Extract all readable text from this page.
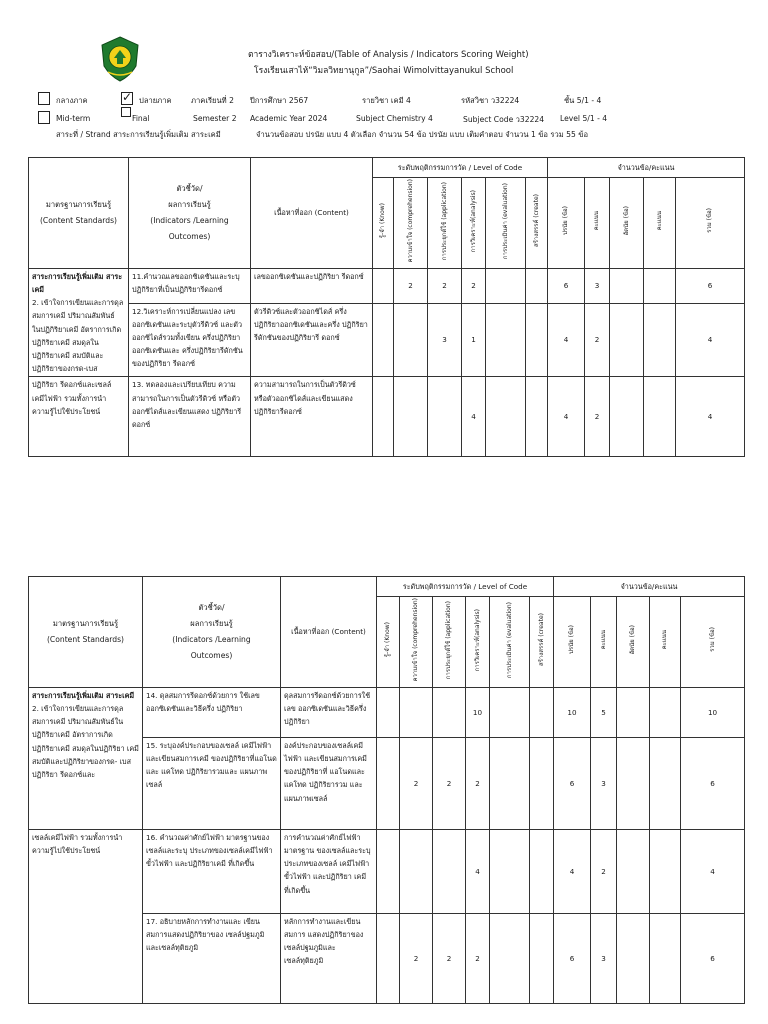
ตารางวิเคราะห์ข้อสอบ/(Table of Analysis / Indicators Scoring Weight)
โรงเรียนเสาไห้“วิมลวิทยานุกูล”/Saohai Wimolvittayanukul School
กลางภาค ✓	ปลายภาค	ภาคเรียนที่ 2 ปีการศึกษา 2567	รายวิชา เคมี 4	รหัสวิชา ว32224	ชั้น 5/1 - 4
Mid-term	Final	Semester 2 Academic Year 2024	Subject Chemistry 4	Subject Code ว32224 Level 5/1 - 4
สาระที่ / Strand สาระการเรียนรู้เพิ่มเติม สาระเคมี	จำนวนข้อสอบ ปรนัย แบบ 4 ตัวเลือก จำนวน 54 ข้อ ปรนัย แบบ เติมคำตอบ จำนวน 1 ข้อ รวม 55 ข้อ
มาตรฐานการเรียนรู้
(Content Standards)	ตัวชี้วัด/
ผลการเรียนรู้
(Indicators /Learning
Outcomes)	เนื้อหาที่ออก (Content)	ระดับพฤติกรรมการวัด / Level of Code						จำนวนข้อ/คะแนน				
			รู้-จำ (Know)	ความเข้าใจ (comprehension)	การประยุกต์ใช้ (application)	การวิเคราะห์(analysis)	การประเมินค่า (evaluation)	สร้างสรรค์ (create)	ปรนัย (ข้อ)	คะแนน	อัตนัย (ข้อ)	คะแนน	รวม (ข้อ)

สาระการเรียนรู้เพิ่มเติม สาระเคมี
2. เข้าใจการเขียนและการดุล สมการเคมี ปริมาณสัมพันธ์ ในปฏิกิริยาเคมี อัตราการเกิด ปฏิกิริยาเคมี สมดุลใน ปฏิกิริยาเคมี สมบัติและ ปฏิกิริยาของกรด-เบส	11.คำนวณเลขออกซิเดชันและระบุ ปฏิกิริยาที่เป็นปฏิกิริยารีดอกซ์	เลขออกซิเดชันและปฏิกิริยา รีดอกซ์		2	2	2			6	3			6
	12.วิเคราะห์การเปลี่ยนแปลง เลขออกซิเดชันและระบุตัวรีดิวซ์ และตัวออกซิไดส์รวมทั้งเขียน ครึ่งปฏิกิริยาออกซิเดชันและ ครึ่งปฏิกิริยารีดักชันของปฏิกิริยา รีดอกซ์	ตัวรีดิวซ์และตัวออกซิไดส์ ครึ่งปฏิกิริยาออกซิเดชันและครึ่ง ปฏิกิริยารีดักชันของปฏิกิริยารี ดอกซ์			3	1			4	2			4
ปฏิกิริยา รีดอกซ์และเซลล์ เคมีไฟฟ้า รวมทั้งการนำ ความรู้ไปใช้ประโยชน์	13. ทดลองและเปรียบเทียบ ความสามารถในการเป็นตัวรีดิวซ์ หรือตัวออกซิไดส์และเขียนแสดง ปฏิกิริยารีดอกซ์	ความสามารถในการเป็นตัวรีดิวซ์ หรือตัวออกซิไดส์และเขียนแสดง ปฏิกิริยารีดอกซ์				4			4	2			4
มาตรฐานการเรียนรู้
(Content Standards)	ตัวชี้วัด/
ผลการเรียนรู้
(Indicators /Learning
Outcomes)	เนื้อหาที่ออก (Content)	ระดับพฤติกรรมการวัด / Level of Code						จำนวนข้อ/คะแนน				
			รู้-จำ (Know)	ความเข้าใจ (comprehension)	การประยุกต์ใช้ (application)	การวิเคราะห์(analysis)	การประเมินค่า (evaluation)	สร้างสรรค์ (create)	ปรนัย (ข้อ)	คะแนน	อัตนัย (ข้อ)	คะแนน	รวม (ข้อ)

สาระการเรียนรู้เพิ่มเติม สาระเคมี
2. เข้าใจการเขียนและการดุล สมการเคมี ปริมาณสัมพันธ์ใน ปฏิกิริยาเคมี อัตราการเกิด ปฏิกิริยาเคมี สมดุลในปฏิกิริยา เคมี สมบัติและปฏิกิริยาของกรด- เบส ปฏิกิริยา รีดอกซ์และ	14. ดุลสมการรีดอกซ์ด้วยการ ใช้เลขออกซิเดชันและวิธีครึ่ง ปฏิกิริยา	ดุลสมการรีดอกซ์ด้วยการใช้เลข ออกซิเดชันและวิธีครึ่งปฏิกิริยา				10			10	5			10
	15. ระบุองค์ประกอบของเซลล์ เคมีไฟฟ้าและเขียนสมการเคมี ของปฏิกิริยาที่แอโนดและ แคโทด ปฏิกิริยารวมและ แผนภาพเซลล์	องค์ประกอบของเซลล์เคมีไฟฟ้า และเขียนสมการเคมีของปฏิกิริยาที่ แอโนดและ แคโทด ปฏิกิริยารวม และแผนภาพเซลล์		2	2	2			6	3			6
เซลล์เคมีไฟฟ้า รวมทั้งการนำ ความรู้ไปใช้ประโยชน์	16. คำนวณค่าศักย์ไฟฟ้า มาตรฐานของเซลล์และระบุ ประเภทของเซลล์เคมีไฟฟ้า ขั้วไฟฟ้า และปฏิกิริยาเคมี ที่เกิดขึ้น	การคำนวณค่าศักย์ไฟฟ้ามาตรฐาน ของเซลล์และระบุประเภทของเซลล์ เคมีไฟฟ้า ขั้วไฟฟ้า และปฏิกิริยา เคมี ที่เกิดขึ้น				4			4	2			4
	17. อธิบายหลักการทำงานและ เขียนสมการแสดงปฏิกิริยาของ เซลล์ปฐมภูมิและเซลล์ทุติยภูมิ	หลักการทำงานและเขียนสมการ แสดงปฏิกิริยาของเซลล์ปฐมภูมิและ เซลล์ทุติยภูมิ		2	2	2			6	3			6
